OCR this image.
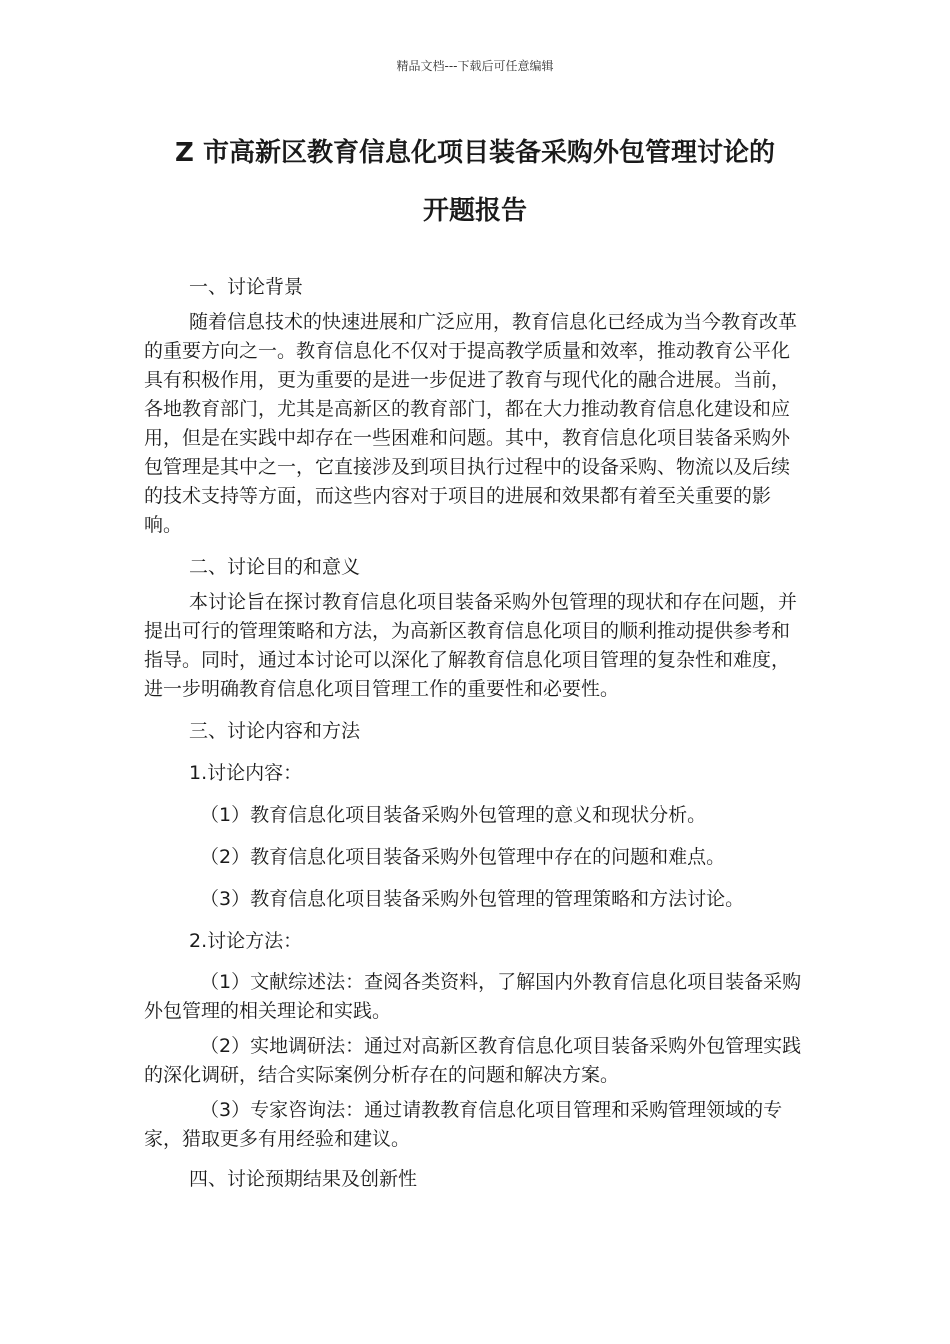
精品文档---下载后可任意编辑
Z 市高新区教育信息化项目装备采购外包管理讨论的
开题报告

一、讨论背景

随着信息技术的快速进展和广泛应用，教育信息化已经成为当今教育改革的重要方向之一。教育信息化不仅对于提高教学质量和效率，推动教育公平化具有积极作用，更为重要的是进一步促进了教育与现代化的融合进展。当前，各地教育部门，尤其是高新区的教育部门，都在大力推动教育信息化建设和应用，但是在实践中却存在一些困难和问题。其中，教育信息化项目装备采购外包管理是其中之一，它直接涉及到项目执行过程中的设备采购、物流以及后续的技术支持等方面，而这些内容对于项目的进展和效果都有着至关重要的影响。

二、讨论目的和意义

本讨论旨在探讨教育信息化项目装备采购外包管理的现状和存在问题，并提出可行的管理策略和方法，为高新区教育信息化项目的顺利推动提供参考和指导。同时，通过本讨论可以深化了解教育信息化项目管理的复杂性和难度，进一步明确教育信息化项目管理工作的重要性和必要性。

三、讨论内容和方法

1.讨论内容：

（1）教育信息化项目装备采购外包管理的意义和现状分析。

（2）教育信息化项目装备采购外包管理中存在的问题和难点。

（3）教育信息化项目装备采购外包管理的管理策略和方法讨论。

2.讨论方法：

（1）文献综述法：查阅各类资料，了解国内外教育信息化项目装备采购外包管理的相关理论和实践。

（2）实地调研法：通过对高新区教育信息化项目装备采购外包管理实践的深化调研，结合实际案例分析存在的问题和解决方案。

（3）专家咨询法：通过请教教育信息化项目管理和采购管理领域的专家，猎取更多有用经验和建议。

四、讨论预期结果及创新性
